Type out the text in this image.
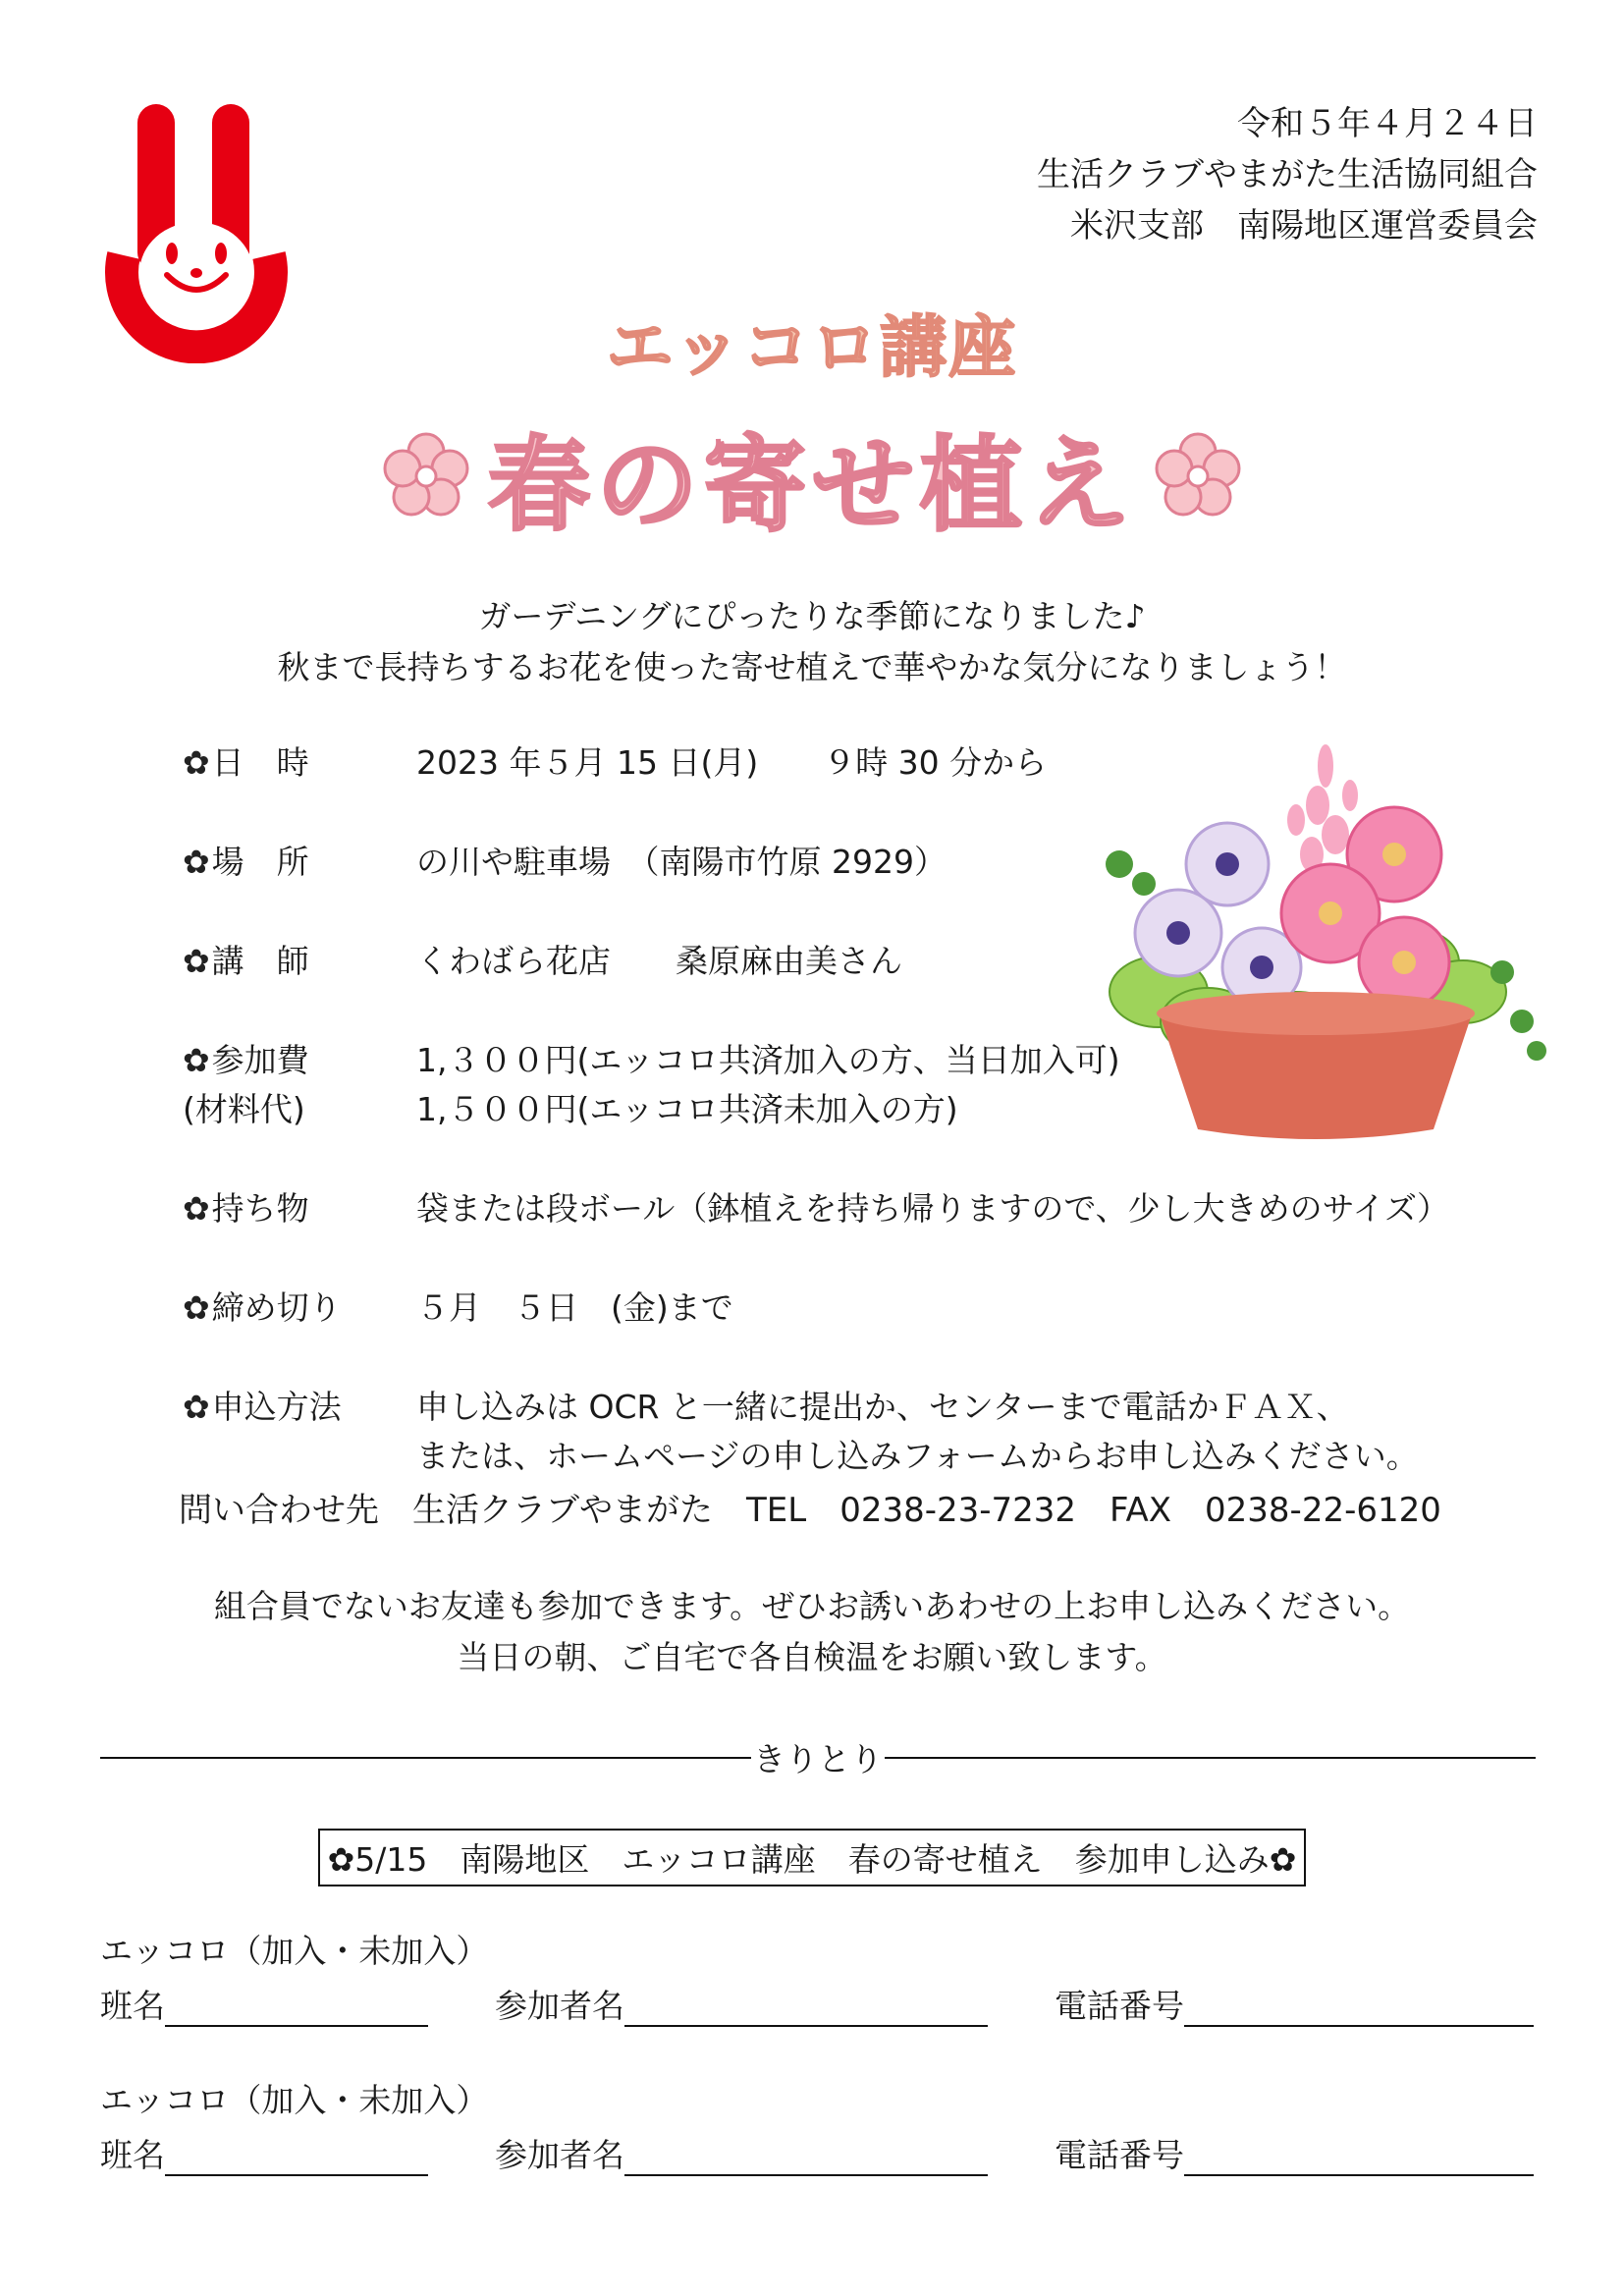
令和５年４月２４日
生活クラブやまがた生活協同組合
米沢支部　南陽地区運営委員会
エッコロ講座
春の寄せ植え
ガーデニングにぴったりな季節になりました♪
秋まで長持ちするお花を使った寄せ植えで華やかな気分になりましょう！
✿日　時	2023 年５月 15 日(月)　　９時 30 分から
✿場　所	の川や駐車場　（南陽市竹原 2929）
✿講　師	くわばら花店　　桑原麻由美さん
✿参加費	1,３００円(エッコロ共済加入の方、当日加入可)
(材料代)	1,５００円(エッコロ共済未加入の方)
✿持ち物	袋または段ボール（鉢植えを持ち帰りますので、少し大きめのサイズ）
✿締め切り	５月　５日　(金)まで
✿申込方法	申し込みは OCR と一緒に提出か、センターまで電話かＦＡＸ、
または、ホームページの申し込みフォームからお申し込みください。
問い合わせ先　生活クラブやまがた　TEL　0238-23-7232　FAX　0238-22-6120
組合員でないお友達も参加できます。ぜひお誘いあわせの上お申し込みください。
当日の朝、ご自宅で各自検温をお願い致します。
きりとり
✿5/15　南陽地区　エッコロ講座　春の寄せ植え　参加申し込み✿
エッコロ（加入・未加入）
班名	参加者名	電話番号
エッコロ（加入・未加入）
班名	参加者名	電話番号
